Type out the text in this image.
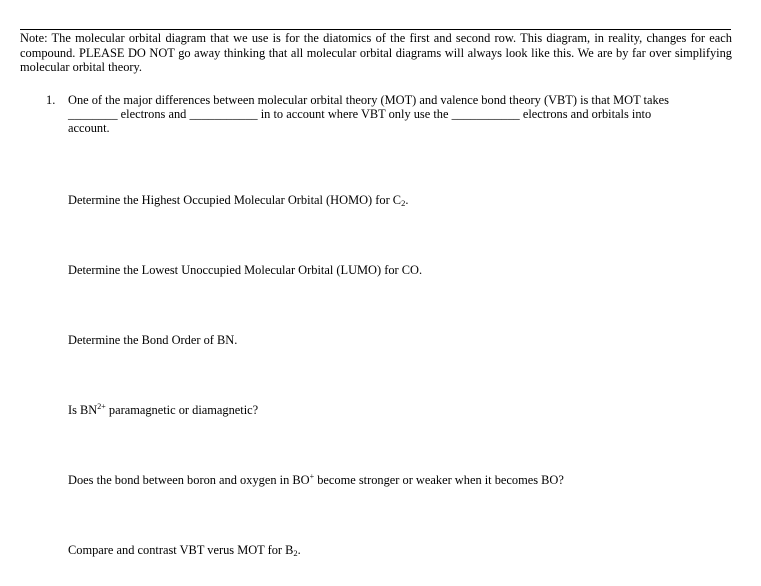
Note: The molecular orbital diagram that we use is for the diatomics of the first and second row. This diagram, in reality, changes for each compound. PLEASE DO NOT go away thinking that all molecular orbital diagrams will always look like this. We are by far over simplifying molecular orbital theory.
1. One of the major differences between molecular orbital theory (MOT) and valence bond theory (VBT) is that MOT takes
________ electrons and ___________ in to account where VBT only use the ___________ electrons and orbitals into
account.
Determine the Highest Occupied Molecular Orbital (HOMO) for $C_2$.
Determine the Lowest Unoccupied Molecular Orbital (LUMO) for CO.
Determine the Bond Order of BN.
Is $BN^{2+}$ paramagnetic or diamagnetic?
Does the bond between boron and oxygen in BO+ become stronger or weaker when it becomes BO?
Compare and contrast VBT verus MOT for $B_2$.
